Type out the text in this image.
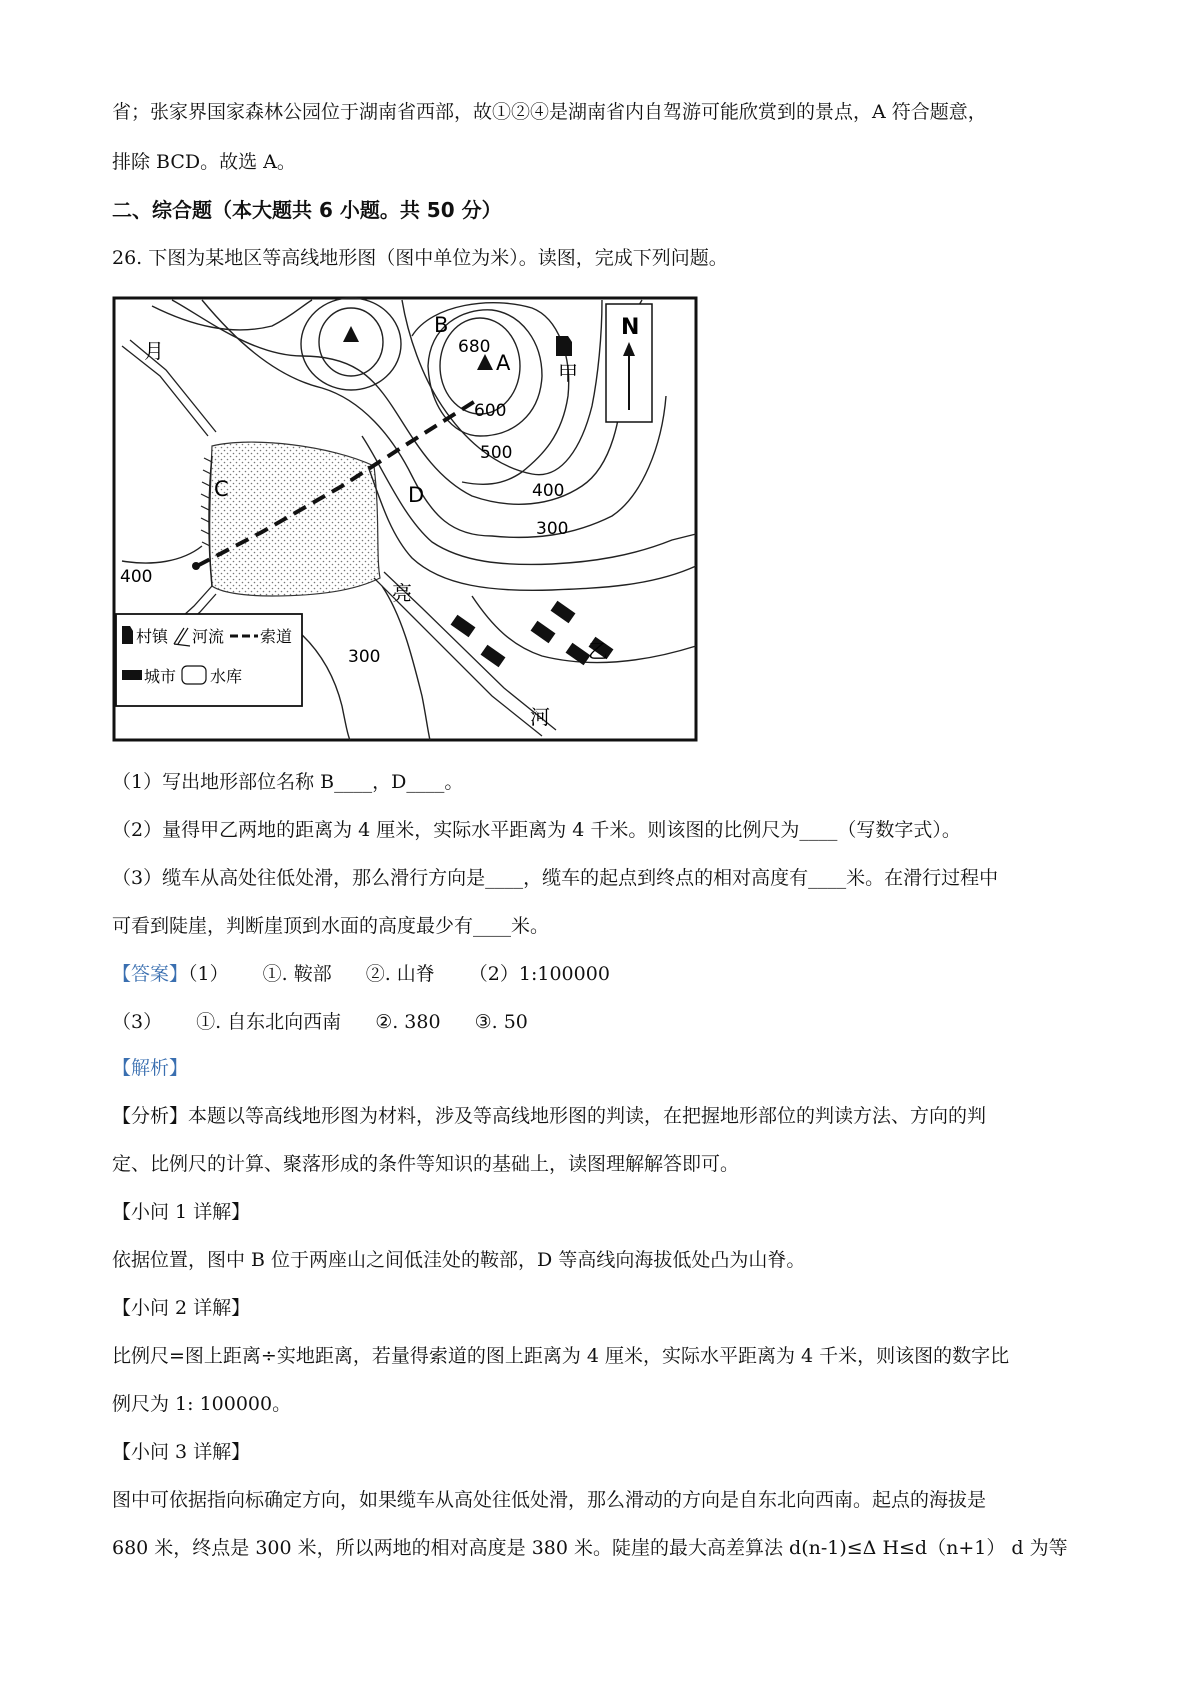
省；张家界国家森林公园位于湖南省西部，故①②④是湖南省内自驾游可能欣赏到的景点，A 符合题意，
排除 BCD。故选 A。
二、综合题（本大题共 6 小题。共 50 分）
26. 下图为某地区等高线地形图（图中单位为米）。读图，完成下列问题。
N
甲
B
A
C	D
月
亮
河
乙
680
600
500
400
300
400
300
村镇 河流 索道
城市 水库
（1）写出地形部位名称 B____，D____。
（2）量得甲乙两地的距离为 4 厘米，实际水平距离为 4 千米。则该图的比例尺为____（写数字式）。
（3）缆车从高处往低处滑，那么滑行方向是____，缆车的起点到终点的相对高度有____米。在滑行过程中
可看到陡崖，判断崖顶到水面的高度最少有____米。
【答案】（1） ①. 鞍部 ②. 山脊 （2）1:100000
（3） ①. 自东北向西南 ②. 380 ③. 50
【解析】
【分析】本题以等高线地形图为材料，涉及等高线地形图的判读，在把握地形部位的判读方法、方向的判
定、比例尺的计算、聚落形成的条件等知识的基础上，读图理解解答即可。
【小问 1 详解】
依据位置，图中 B 位于两座山之间低洼处的鞍部，D 等高线向海拔低处凸为山脊。
【小问 2 详解】
比例尺=图上距离÷实地距离，若量得索道的图上距离为 4 厘米，实际水平距离为 4 千米，则该图的数字比
例尺为 1: 100000。
【小问 3 详解】
图中可依据指向标确定方向，如果缆车从高处往低处滑，那么滑动的方向是自东北向西南。起点的海拔是
680 米，终点是 300 米，所以两地的相对高度是 380 米。陡崖的最大高差算法 d(n-1)≤Δ H≤d（n+1） d 为等
